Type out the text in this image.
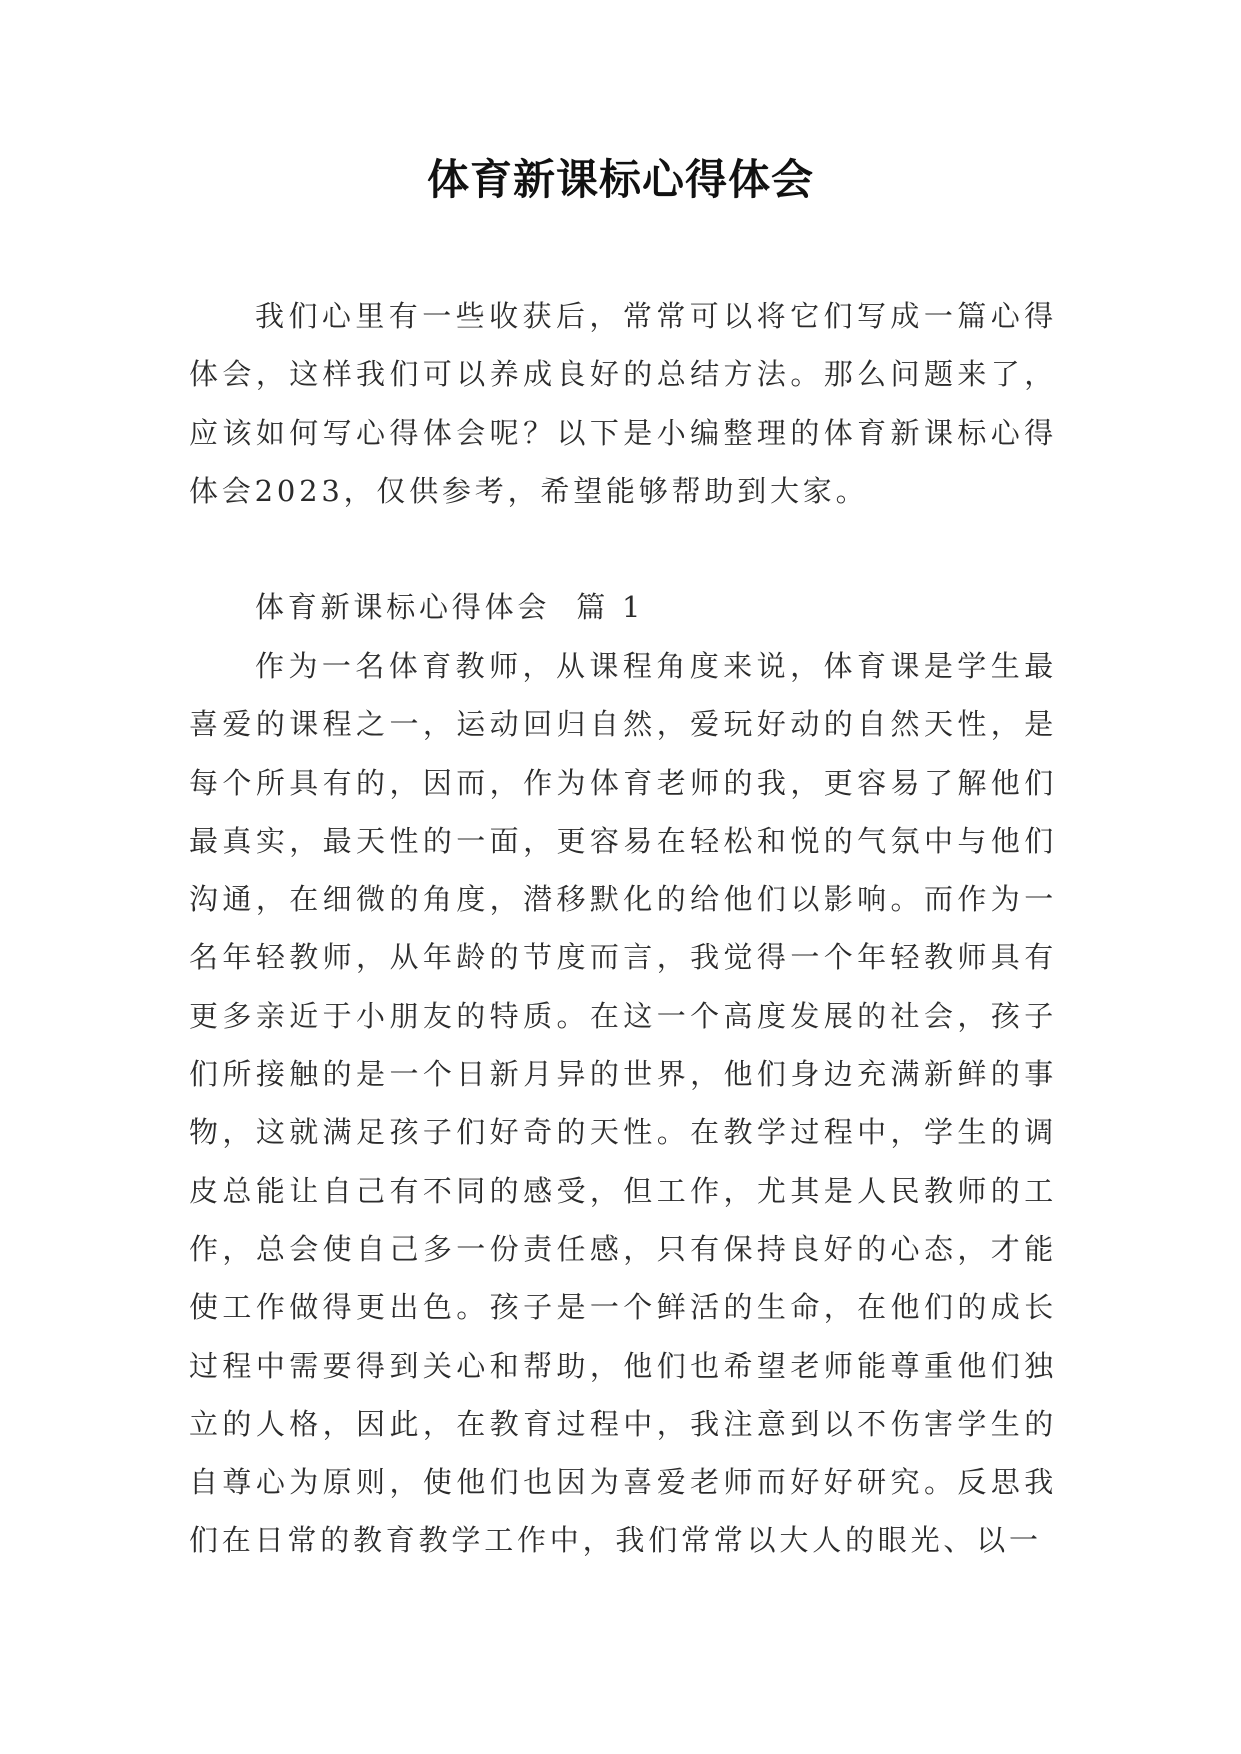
体育新课标心得体会

我们心里有一些收获后，常常可以将它们写成一篇心得体会，这样我们可以养成良好的总结方法。那么问题来了，应该如何写心得体会呢？以下是小编整理的体育新课标心得体会2023，仅供参考，希望能够帮助到大家。

体育新课标心得体会  篇 1

作为一名体育教师，从课程角度来说，体育课是学生最喜爱的课程之一，运动回归自然，爱玩好动的自然天性，是每个所具有的，因而，作为体育老师的我，更容易了解他们最真实，最天性的一面，更容易在轻松和悦的气氛中与他们沟通，在细微的角度，潜移默化的给他们以影响。而作为一名年轻教师，从年龄的节度而言，我觉得一个年轻教师具有更多亲近于小朋友的特质。在这一个高度发展的社会，孩子们所接触的是一个日新月异的世界，他们身边充满新鲜的事物，这就满足孩子们好奇的天性。在教学过程中，学生的调皮总能让自己有不同的感受，但工作，尤其是人民教师的工作，总会使自己多一份责任感，只有保持良好的心态，才能使工作做得更出色。孩子是一个鲜活的生命，在他们的成长过程中需要得到关心和帮助，他们也希望老师能尊重他们独立的人格，因此，在教育过程中，我注意到以不伤害学生的自尊心为原则，使他们也因为喜爱老师而好好研究。反思我们在日常的教育教学工作中，我们常常以大人的眼光、以一
